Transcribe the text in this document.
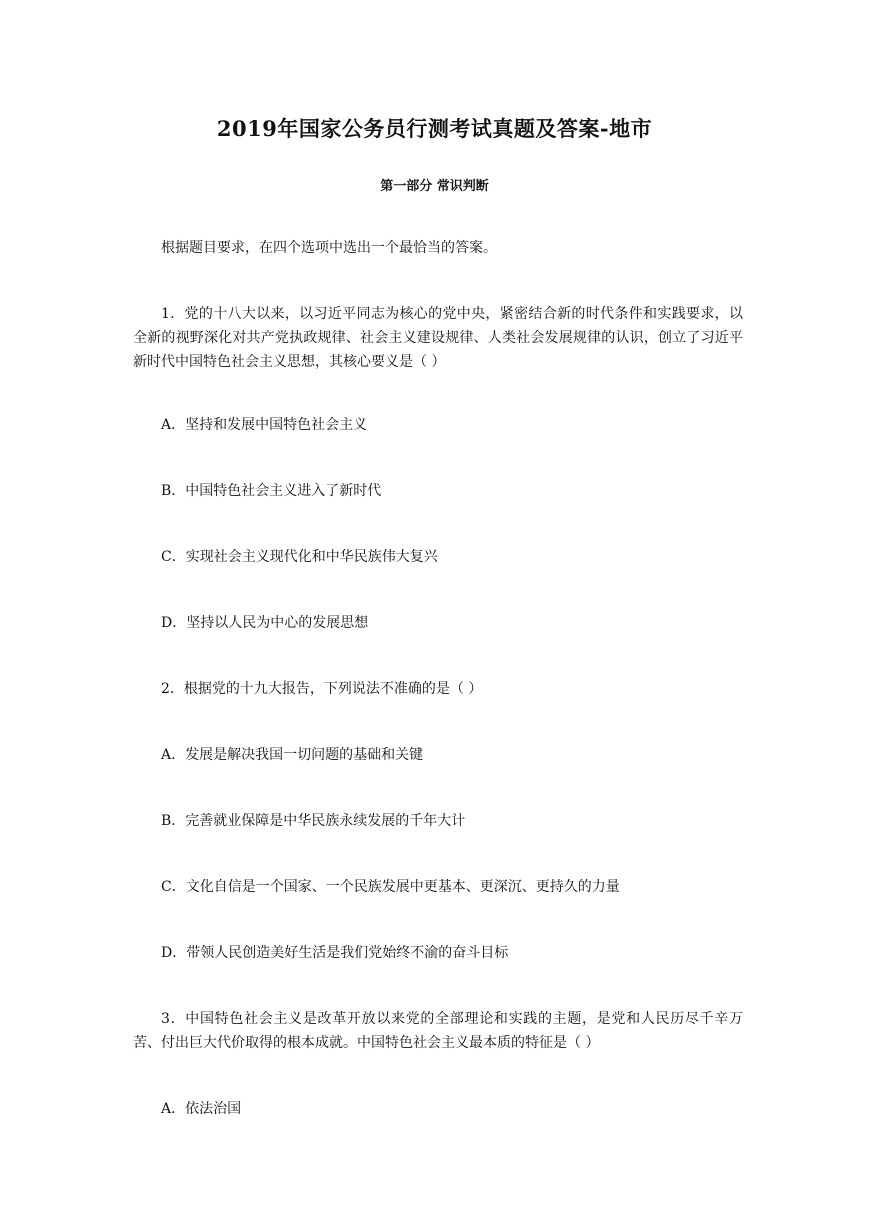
2019年国家公务员行测考试真题及答案-地市
第一部分 常识判断

根据题目要求，在四个选项中选出一个最恰当的答案。

1．党的十八大以来，以习近平同志为核心的党中央，紧密结合新的时代条件和实践要求，以全新的视野深化对共产党执政规律、社会主义建设规律、人类社会发展规律的认识，创立了习近平新时代中国特色社会主义思想，其核心要义是（ ）

A．坚持和发展中国特色社会主义

B．中国特色社会主义进入了新时代

C．实现社会主义现代化和中华民族伟大复兴

D．坚持以人民为中心的发展思想

2．根据党的十九大报告，下列说法不准确的是（ ）

A．发展是解决我国一切问题的基础和关键

B．完善就业保障是中华民族永续发展的千年大计

C．文化自信是一个国家、一个民族发展中更基本、更深沉、更持久的力量

D．带领人民创造美好生活是我们党始终不渝的奋斗目标

3．中国特色社会主义是改革开放以来党的全部理论和实践的主题，是党和人民历尽千辛万苦、付出巨大代价取得的根本成就。中国特色社会主义最本质的特征是（ ）

A．依法治国
